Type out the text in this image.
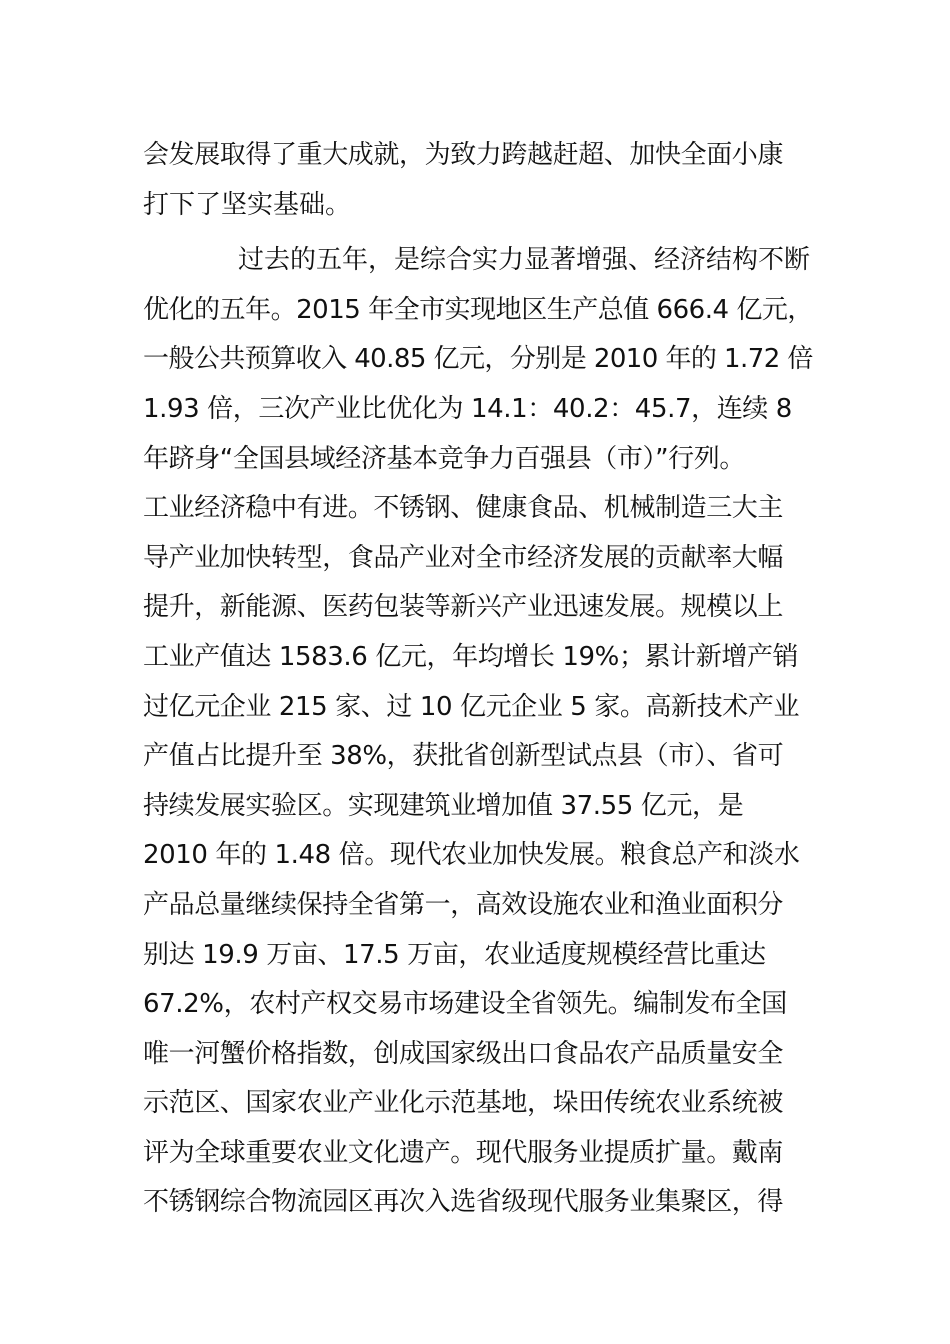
会发展取得了重大成就，为致力跨越赶超、加快全面小康
打下了坚实基础。
过去的五年，是综合实力显著增强、经济结构不断
优化的五年。2015 年全市实现地区生产总值 666.4 亿元，
一般公共预算收入 40.85 亿元，分别是 2010 年的 1.72 倍
1.93 倍，三次产业比优化为 14.1：40.2：45.7，连续 8
年跻身“全国县域经济基本竞争力百强县（市）”行列。
工业经济稳中有进。不锈钢、健康食品、机械制造三大主
导产业加快转型，食品产业对全市经济发展的贡献率大幅
提升，新能源、医药包装等新兴产业迅速发展。规模以上
工业产值达 1583.6 亿元，年均增长 19%；累计新增产销
过亿元企业 215 家、过 10 亿元企业 5 家。高新技术产业
产值占比提升至 38%，获批省创新型试点县（市）、省可
持续发展实验区。实现建筑业增加值 37.55 亿元，是
2010 年的 1.48 倍。现代农业加快发展。粮食总产和淡水
产品总量继续保持全省第一，高效设施农业和渔业面积分
别达 19.9 万亩、17.5 万亩，农业适度规模经营比重达
67.2%，农村产权交易市场建设全省领先。编制发布全国
唯一河蟹价格指数，创成国家级出口食品农产品质量安全
示范区、国家农业产业化示范基地，垛田传统农业系统被
评为全球重要农业文化遗产。现代服务业提质扩量。戴南
不锈钢综合物流园区再次入选省级现代服务业集聚区，得
